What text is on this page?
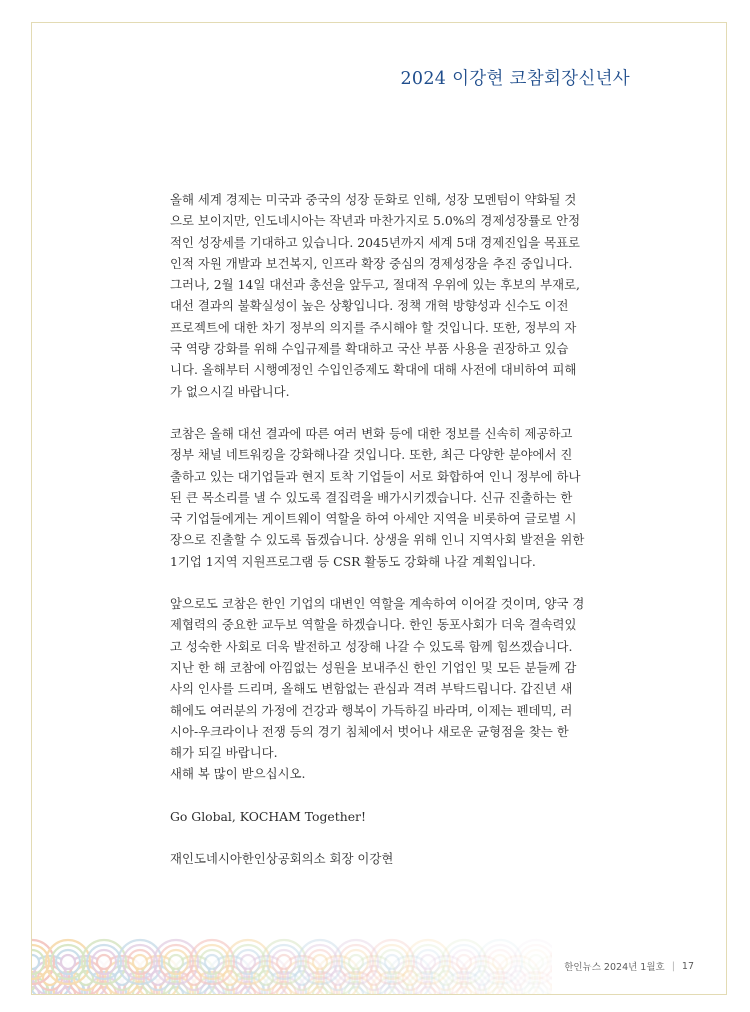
2024 이강현 코참회장신년사

올해 세계 경제는 미국과 중국의 성장 둔화로 인해, 성장 모멘텀이 약화될 것
으로 보이지만, 인도네시아는 작년과 마찬가지로 5.0%의 경제성장률로 안정
적인 성장세를 기대하고 있습니다. 2045년까지 세계 5대 경제진입을 목표로
인적 자원 개발과 보건복지, 인프라 확장 중심의 경제성장을 추진 중입니다.
그러나, 2월 14일 대선과 총선을 앞두고, 절대적 우위에 있는 후보의 부재로,
대선 결과의 불확실성이 높은 상황입니다. 정책 개혁 방향성과 신수도 이전
프로젝트에 대한 차기 정부의 의지를 주시해야 할 것입니다. 또한, 정부의 자
국 역량 강화를 위해 수입규제를 확대하고 국산 부품 사용을 권장하고 있습
니다. 올해부터 시행예정인 수입인증제도 확대에 대해 사전에 대비하여 피해
가 없으시길 바랍니다.

코참은 올해 대선 결과에 따른 여러 변화 등에 대한 정보를 신속히 제공하고
정부 채널 네트워킹을 강화해나갈 것입니다. 또한, 최근 다양한 분야에서 진
출하고 있는 대기업들과 현지 토착 기업들이 서로 화합하여 인니 정부에 하나
된 큰 목소리를 낼 수 있도록 결집력을 배가시키겠습니다. 신규 진출하는 한
국 기업들에게는 게이트웨이 역할을 하여 아세안 지역을 비롯하여 글로벌 시
장으로 진출할 수 있도록 돕겠습니다. 상생을 위해 인니 지역사회 발전을 위한
1기업 1지역 지원프로그램 등 CSR 활동도 강화해 나갈 계획입니다.

앞으로도 코참은 한인 기업의 대변인 역할을 계속하여 이어갈 것이며, 양국 경
제협력의 중요한 교두보 역할을 하겠습니다. 한인 동포사회가 더욱 결속력있
고 성숙한 사회로 더욱 발전하고 성장해 나갈 수 있도록 함께 힘쓰겠습니다.
지난 한 해 코참에 아낌없는 성원을 보내주신 한인 기업인 및 모든 분들께 감
사의 인사를 드리며, 올해도 변함없는 관심과 격려 부탁드립니다. 갑진년 새
해에도 여러분의 가정에 건강과 행복이 가득하길 바라며, 이제는 펜데믹, 러
시아-우크라이나 전쟁 등의 경기 침체에서 벗어나 새로운 균형점을 찾는 한
해가 되길 바랍니다.
새해 복 많이 받으십시오.

Go Global, KOCHAM Together!
재인도네시아한인상공회의소 회장 이강현
한인뉴스 2024년 1월호 | 17
